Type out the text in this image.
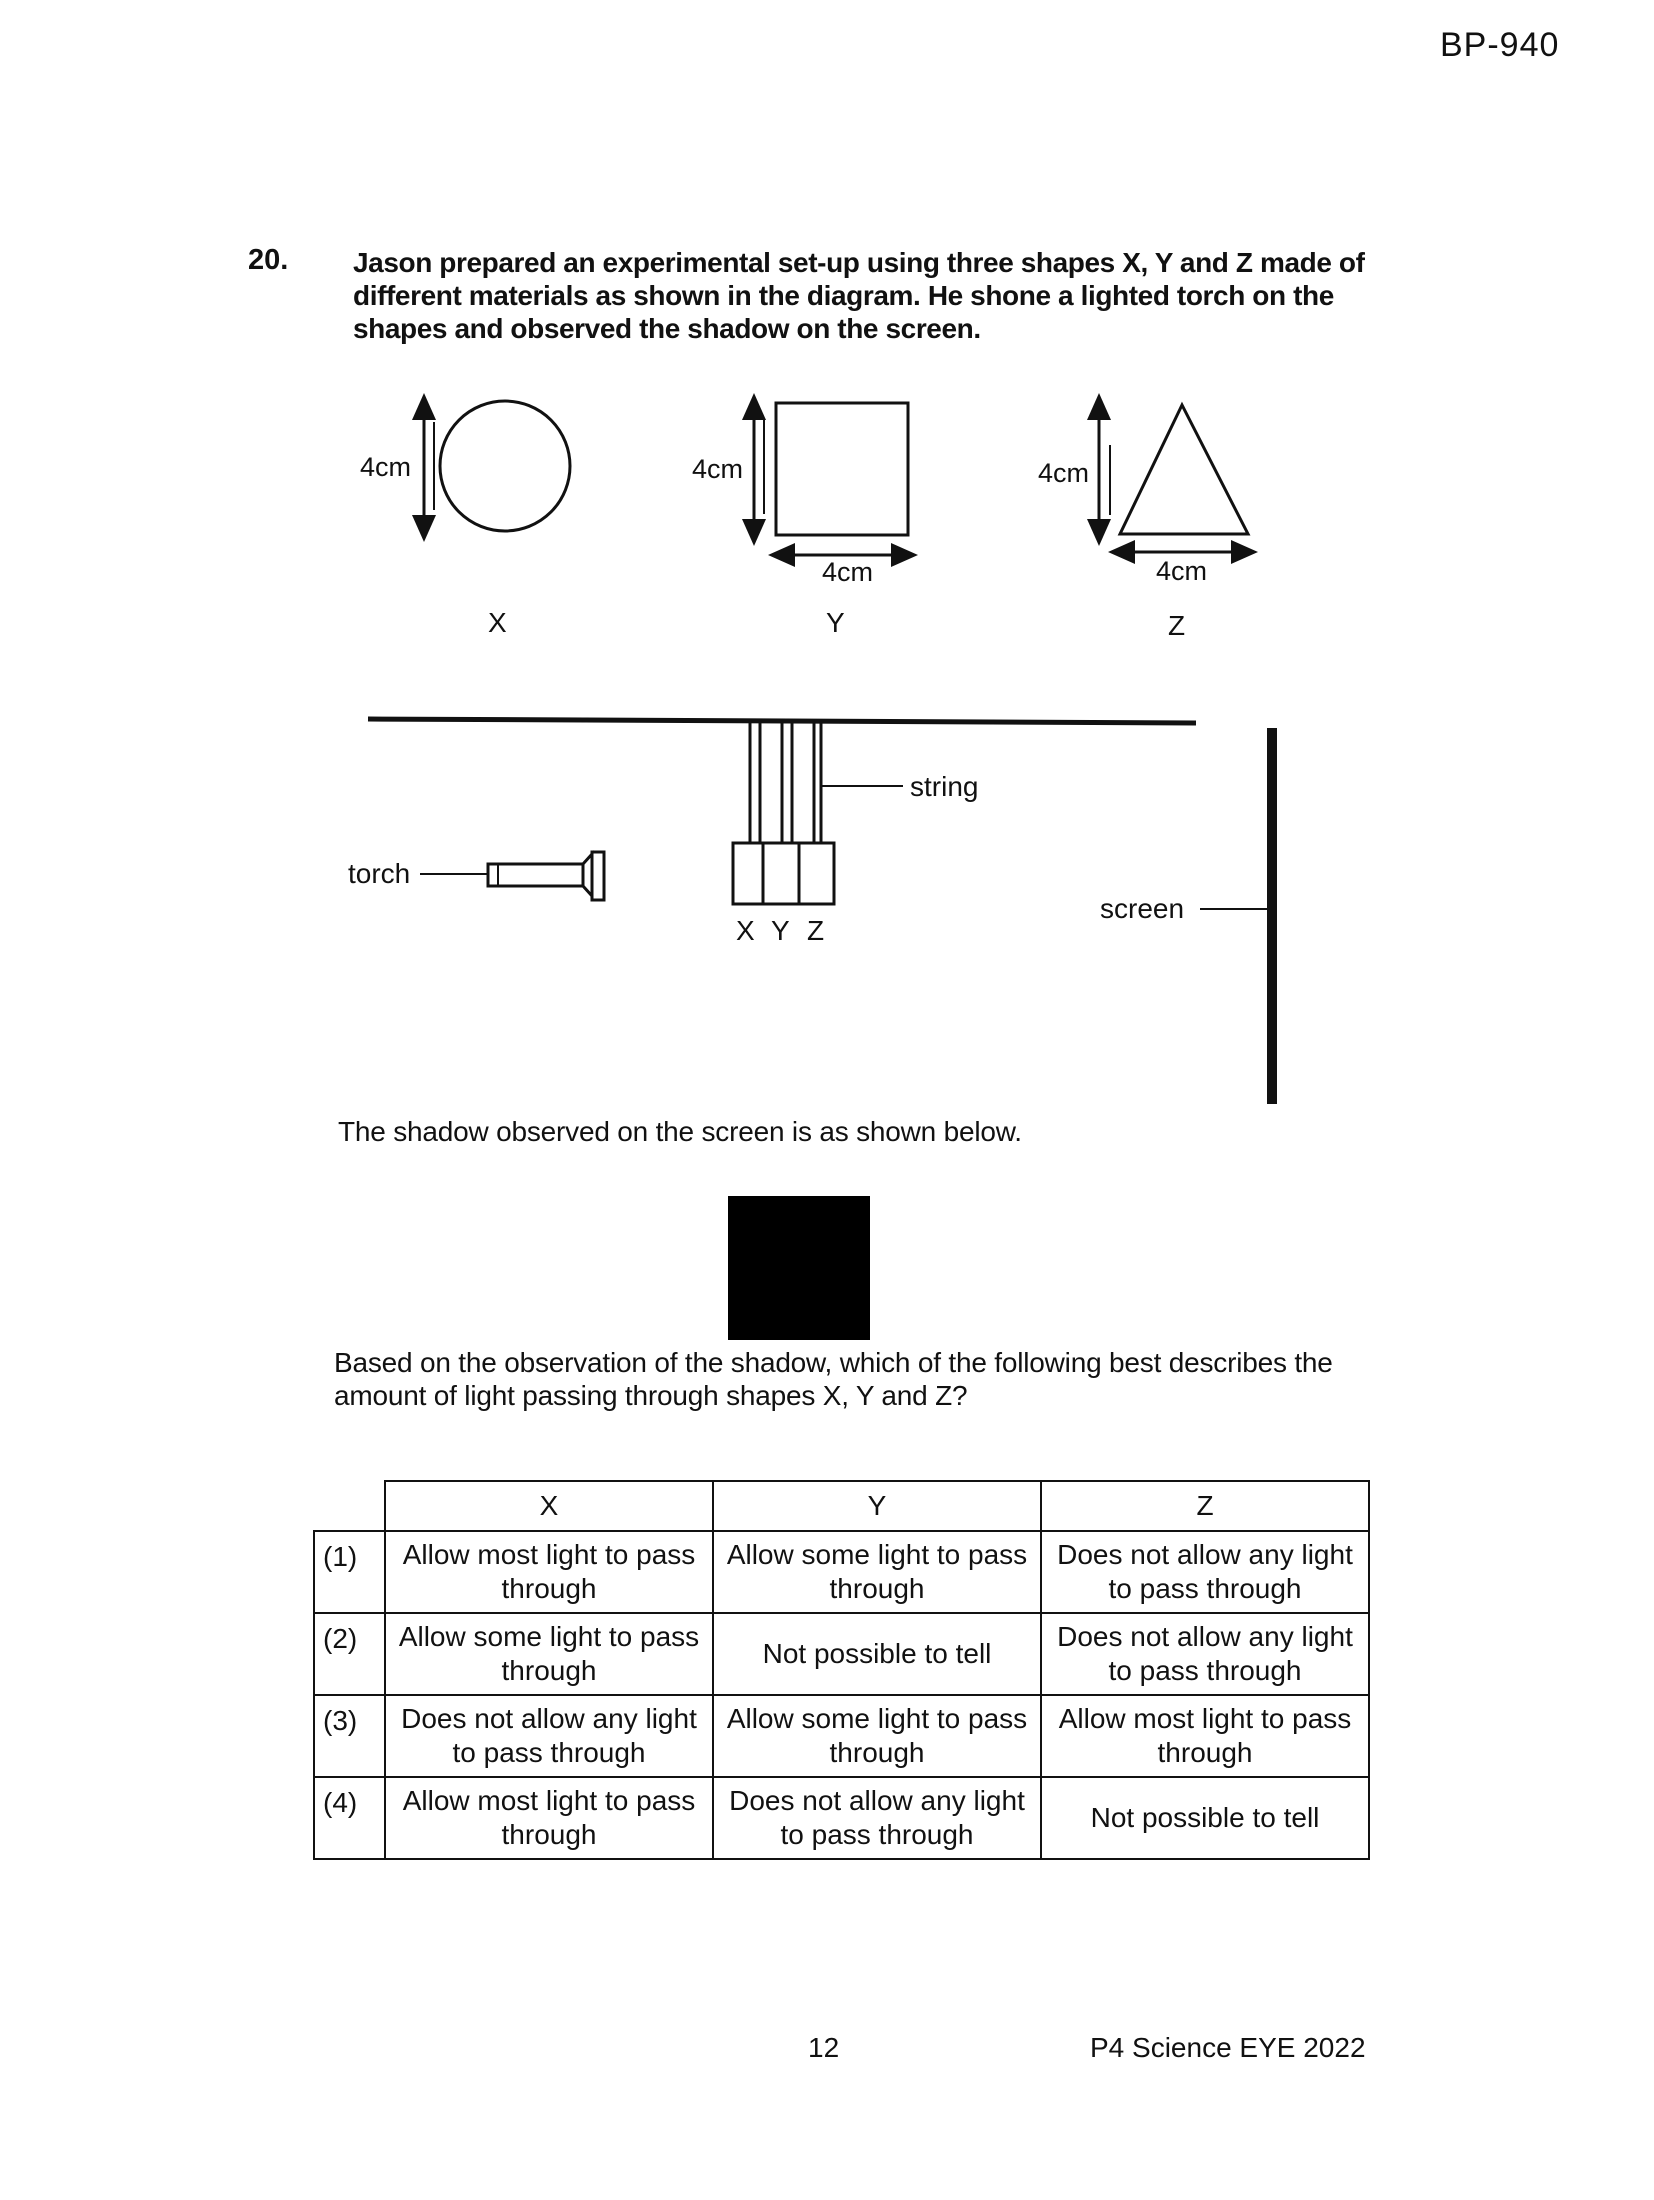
BP-940
20. Jason prepared an experimental set-up using three shapes X, Y and Z made of different materials as shown in the diagram. He shone a lighted torch on the shapes and observed the shadow on the screen.
4cm
X
4cm
4cm
Y
4cm
4cm
Z
string
X Y Z
torch
screen
The shadow observed on the screen is as shown below.
Based on the observation of the shadow, which of the following best describes the amount of light passing through shapes X, Y and Z?
	X	Y	Z
(1)	Allow most light to pass through	Allow some light to pass through	Does not allow any light to pass through
(2)	Allow some light to pass through	Not possible to tell	Does not allow any light to pass through
(3)	Does not allow any light to pass through	Allow some light to pass through	Allow most light to pass through
(4)	Allow most light to pass through	Does not allow any light to pass through	Not possible to tell
12	P4 Science EYE 2022
